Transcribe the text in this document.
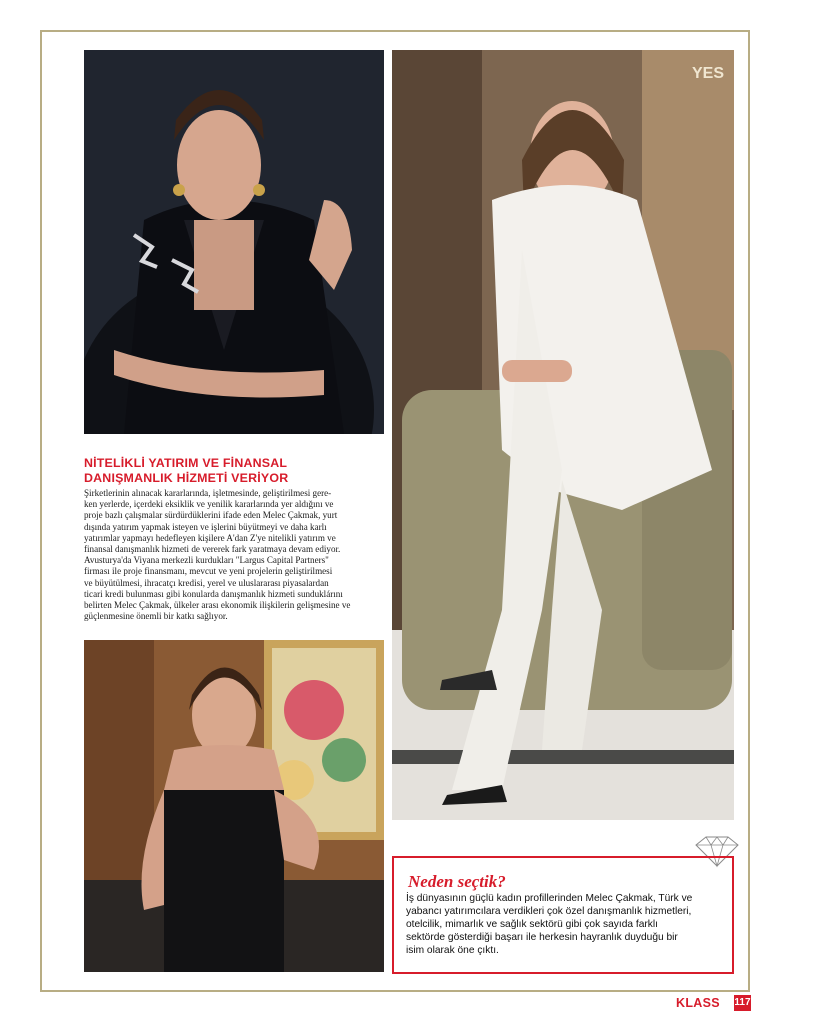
YES
NİTELİKLİ YATIRIM VE FİNANSAL
DANIŞMANLIK HİZMETİ VERİYOR

Şirketlerinin alınacak kararlarında, işletmesinde, geliştirilmesi gere-
ken yerlerde, içerdeki eksiklik ve yenilik kararlarında yer aldığını ve
proje bazlı çalışmalar sürdürdüklerini ifade eden Melec Çakmak, yurt
dışında yatırım yapmak isteyen ve işlerini büyütmeyi ve daha karlı
yatırımlar yapmayı hedefleyen kişilere A'dan Z'ye nitelikli yatırım ve
finansal danışmanlık hizmeti de vererek fark yaratmaya devam ediyor.
Avusturya'da Viyana merkezli kurdukları "Largus Capital Partners"
firması ile proje finansmanı, mevcut ve yeni projelerin geliştirilmesi
ve büyütülmesi, ihracatçı kredisi, yerel ve uluslararası piyasalardan
ticari kredi bulunması gibi konularda danışmanlık hizmeti sunduklárını
belirten Melec Çakmak, ülkeler arası ekonomik ilişkilerin gelişmesine ve
güçlenmesine önemli bir katkı sağlıyor.

Neden seçtik?

İş dünyasının güçlü kadın profillerinden Melec Çakmak, Türk ve
yabancı yatırımcılara verdikleri çok özel danışmanlık hizmetleri,
otelcilik, mimarlık ve sağlık sektörü gibi çok sayıda farklı
sektörde gösterdiği başarı ile herkesin hayranlık duyduğu bir
isim olarak öne çıktı.

KLASS 117
